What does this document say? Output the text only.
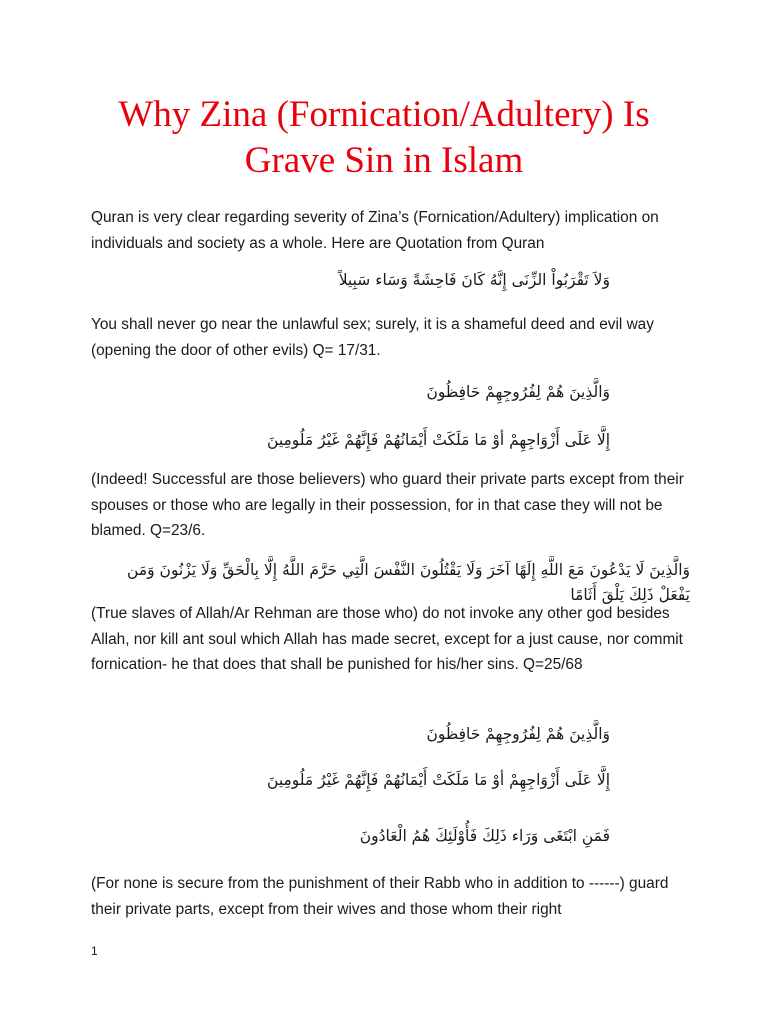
Why Zina (Fornication/Adultery) Is
Grave Sin in Islam

Quran is very clear regarding severity of Zina’s (Fornication/Adultery) implication on individuals and society as a whole. Here are Quotation from Quran

وَلاَ تَقْرَبُواْ الزِّنَى إِنَّهُ كَانَ فَاحِشَةً وَسَاء سَبِيلاً

You shall never go near the unlawful sex; surely, it is a shameful deed and evil way (opening the door of other evils) Q= 17/31.

وَالَّذِينَ هُمْ لِفُرُوجِهِمْ حَافِظُونَ

إِلَّا عَلَى أَزْوَاجِهِمْ أوْ مَا مَلَكَتْ أَيْمَانُهُمْ فَإِنَّهُمْ غَيْرُ مَلُومِينَ

(Indeed! Successful are those believers) who guard their private parts except from their spouses or those who are legally in their possession, for in that case they will not be blamed. Q=23/6.

وَالَّذِينَ لَا يَدْعُونَ مَعَ اللَّهِ إِلَهًا آخَرَ وَلَا يَقْتُلُونَ النَّفْسَ الَّتِي حَرَّمَ اللَّهُ إِلَّا بِالْحَقِّ وَلَا يَزْنُونَ وَمَن يَفْعَلْ ذَلِكَ يَلْقَ أَثَامًا

(True slaves of Allah/Ar Rehman are those who) do not invoke any other god besides Allah, nor kill ant soul which Allah has made secret, except for a just cause, nor commit fornication- he that does that shall be punished for his/her sins. Q=25/68

وَالَّذِينَ هُمْ لِفُرُوجِهِمْ حَافِظُونَ

إِلَّا عَلَى أَزْوَاجِهِمْ أوْ مَا مَلَكَتْ أَيْمَانُهُمْ فَإِنَّهُمْ غَيْرُ مَلُومِينَ

فَمَنِ ابْتَغَى وَرَاء ذَلِكَ فَأُوْلَئِكَ هُمُ الْعَادُونَ

(For none is secure from the punishment of their Rabb who in addition to ------) guard their private parts, except from their wives and those whom their right

1
